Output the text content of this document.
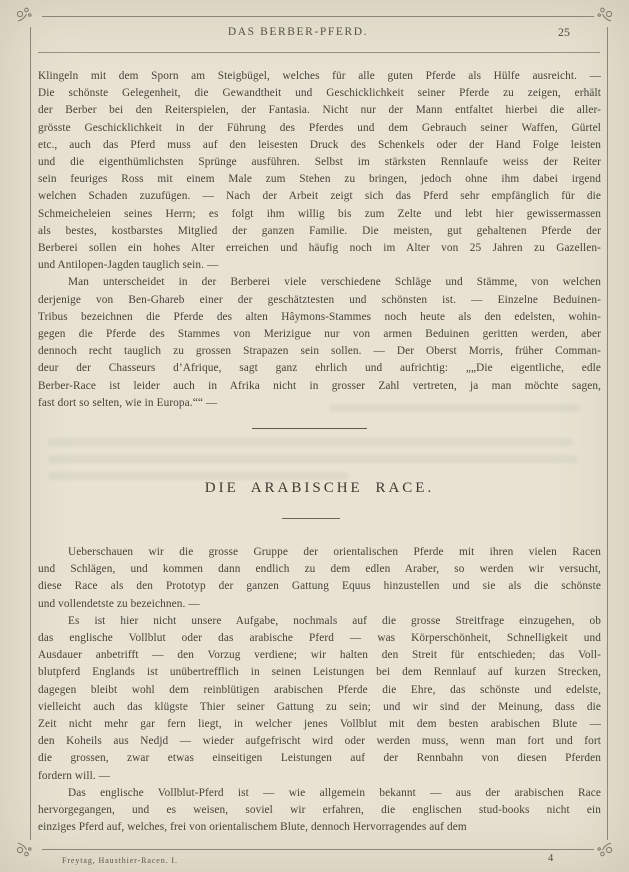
DAS BERBER-PFERD.	25
Klingeln mit dem Sporn am Steigbügel, welches für alle guten Pferde als Hülfe ausreicht. —
Die schönste Gelegenheit, die Gewandtheit und Geschicklichkeit seiner Pferde zu zeigen, erhält
der Berber bei den Reiterspielen, der Fantasia. Nicht nur der Mann entfaltet hierbei die aller-
grösste Geschicklichkeit in der Führung des Pferdes und dem Gebrauch seiner Waffen, Gürtel
etc., auch das Pferd muss auf den leisesten Druck des Schenkels oder der Hand Folge leisten
und die eigenthümlichsten Sprünge ausführen. Selbst im stärksten Rennlaufe weiss der Reiter
sein feuriges Ross mit einem Male zum Stehen zu bringen, jedoch ohne ihm dabei irgend
welchen Schaden zuzufügen. — Nach der Arbeit zeigt sich das Pferd sehr empfänglich für die
Schmeicheleien seines Herrn; es folgt ihm willig bis zum Zelte und lebt hier gewissermassen
als bestes, kostbarstes Mitglied der ganzen Familie. Die meisten, gut gehaltenen Pferde der
Berberei sollen ein hohes Alter erreichen und häufig noch im Alter von 25 Jahren zu Gazellen-
und Antilopen-Jagden tauglich sein. —
Man unterscheidet in der Berberei viele verschiedene Schläge und Stämme, von welchen
derjenige von Ben-Ghareb einer der geschätztesten und schönsten ist. — Einzelne Beduinen-
Tribus bezeichnen die Pferde des alten Hâymons-Stammes noch heute als den edelsten, wohin-
gegen die Pferde des Stammes von Merizigue nur von armen Beduinen geritten werden, aber
dennoch recht tauglich zu grossen Strapazen sein sollen. — Der Oberst Morris, früher Comman-
deur der Chasseurs d’Afrique, sagt ganz ehrlich und aufrichtig: „„Die eigentliche, edle
Berber-Race ist leider auch in Afrika nicht in grosser Zahl vertreten, ja man möchte sagen,
fast dort so selten, wie in Europa.““ —
DIE ARABISCHE RACE.
Ueberschauen wir die grosse Gruppe der orientalischen Pferde mit ihren vielen Racen
und Schlägen, und kommen dann endlich zu dem edlen Araber, so werden wir versucht,
diese Race als den Prototyp der ganzen Gattung Equus hinzustellen und sie als die schönste
und vollendetste zu bezeichnen. —
Es ist hier nicht unsere Aufgabe, nochmals auf die grosse Streitfrage einzugehen, ob
das englische Vollblut oder das arabische Pferd — was Körperschönheit, Schnelligkeit und
Ausdauer anbetrifft — den Vorzug verdiene; wir halten den Streit für entschieden; das Voll-
blutpferd Englands ist unübertrefflich in seinen Leistungen bei dem Rennlauf auf kurzen Strecken,
dagegen bleibt wohl dem reinblütigen arabischen Pferde die Ehre, das schönste und edelste,
vielleicht auch das klügste Thier seiner Gattung zu sein; und wir sind der Meinung, dass die
Zeit nicht mehr gar fern liegt, in welcher jenes Vollblut mit dem besten arabischen Blute —
den Koheils aus Nedjd — wieder aufgefrischt wird oder werden muss, wenn man fort und fort
die grossen, zwar etwas einseitigen Leistungen auf der Rennbahn von diesen Pferden
fordern will. —
Das englische Vollblut-Pferd ist — wie allgemein bekannt — aus der arabischen Race
hervorgegangen, und es weisen, soviel wir erfahren, die englischen stud-books nicht ein
einziges Pferd auf, welches, frei von orientalischem Blute, dennoch Hervorragendes auf dem
Freytag, Hausthier-Racen. I.	4
